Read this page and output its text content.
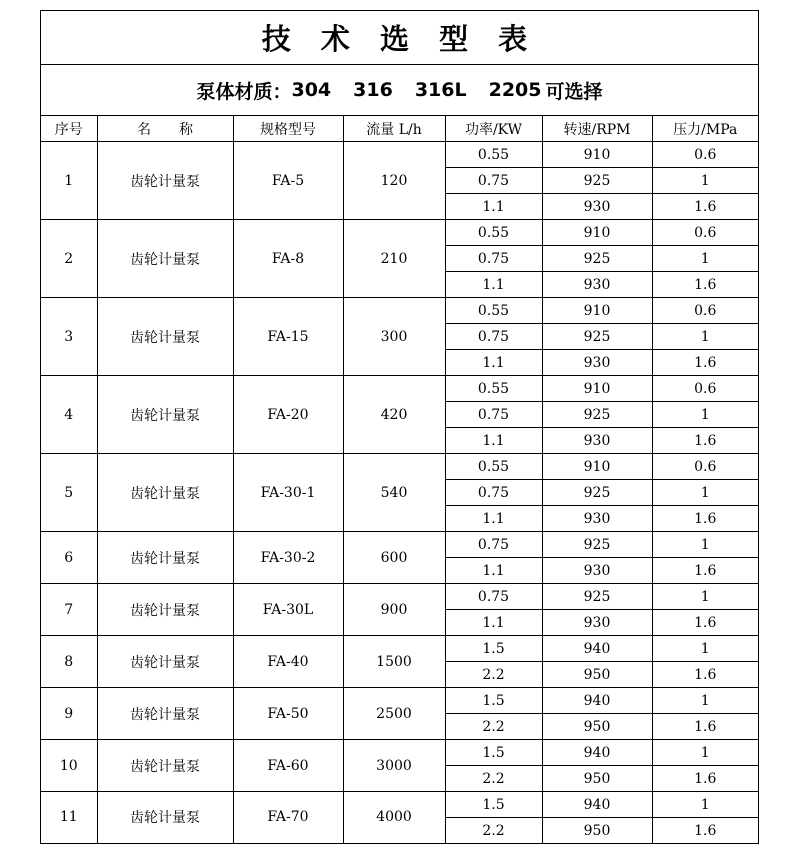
技 术 选 型 表
泵体材质： 304 316 316L 2205 可选择
序号	名　　称	规格型号	流量 L/h	功率/KW	转速/RPM	压力/MPa
1	齿轮计量泵	FA-5	120	0.55	910	0.6
				0.75	925	1
				1.1	930	1.6
2	齿轮计量泵	FA-8	210	0.55	910	0.6
				0.75	925	1
				1.1	930	1.6
3	齿轮计量泵	FA-15	300	0.55	910	0.6
				0.75	925	1
				1.1	930	1.6
4	齿轮计量泵	FA-20	420	0.55	910	0.6
				0.75	925	1
				1.1	930	1.6
5	齿轮计量泵	FA-30-1	540	0.55	910	0.6
				0.75	925	1
				1.1	930	1.6
6	齿轮计量泵	FA-30-2	600	0.75	925	1
				1.1	930	1.6
7	齿轮计量泵	FA-30L	900	0.75	925	1
				1.1	930	1.6
8	齿轮计量泵	FA-40	1500	1.5	940	1
				2.2	950	1.6
9	齿轮计量泵	FA-50	2500	1.5	940	1
				2.2	950	1.6
10	齿轮计量泵	FA-60	3000	1.5	940	1
				2.2	950	1.6
11	齿轮计量泵	FA-70	4000	1.5	940	1
				2.2	950	1.6
